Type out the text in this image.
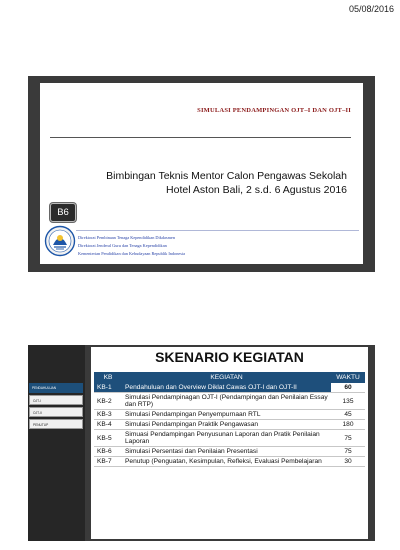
05/08/2016
SIMULASI PENDAMPINGAN OJT–I DAN OJT–II
Bimbingan Teknis Mentor Calon Pengawas Sekolah
Hotel Aston Bali, 2 s.d. 6 Agustus 2016
B6
Direktorat Pembinaan Tenaga Kependidikan Dikdasmen
Direktorat Jenderal Guru dan Tenaga Kependidikan
Kementerian Pendidikan dan Kebudayaan Republik Indonesia
PENDAHULUAN
OJT-I
OJT-II
PENUTUP
SKENARIO KEGIATAN
KB	KEGIATAN	WAKTU
KB-1	Pendahuluan dan Overview Diklat Cawas OJT-I dan OJT-II	60
KB-2	Simulasi Pendampinagan OJT-I (Pendampingan dan Penilaian Essay dan RTP)	135
KB-3	Simulasi Pendampingan Penyempurnaan RTL	45
KB-4	Simulasi Pendampingan Praktik Pengawasan	180
KB-5	Simuasi Pendampingan Penyusunan Laporan dan Pratik Penilaian Laporan	75
KB-6	Simulasi Persentasi dan Penilaian Presentasi	75
KB-7	Penutup (Penguatan, Kesimpulan, Refleksi, Evaluasi Pembelajaran	30
